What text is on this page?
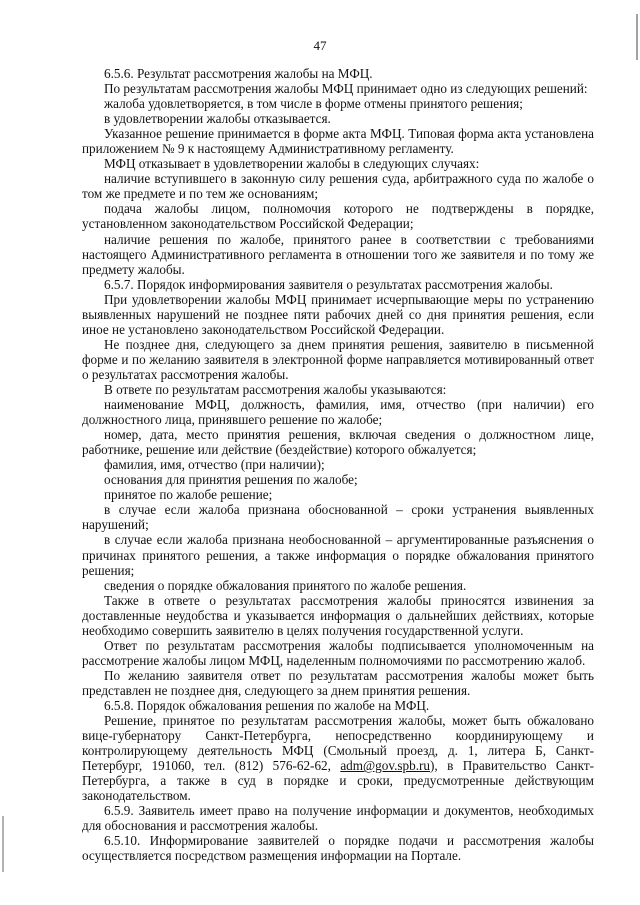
47

6.5.6. Результат рассмотрения жалобы на МФЦ.

По результатам рассмотрения жалобы МФЦ принимает одно из следующих решений:

жалоба удовлетворяется, в том числе в форме отмены принятого решения;

в удовлетворении жалобы отказывается.

Указанное решение принимается в форме акта МФЦ. Типовая форма акта установлена приложением № 9 к настоящему Административному регламенту.

МФЦ отказывает в удовлетворении жалобы в следующих случаях:

наличие вступившего в законную силу решения суда, арбитражного суда по жалобе о том же предмете и по тем же основаниям;

подача жалобы лицом, полномочия которого не подтверждены в порядке, установленном законодательством Российской Федерации;

наличие решения по жалобе, принятого ранее в соответствии с требованиями настоящего Административного регламента в отношении того же заявителя и по тому же предмету жалобы.

6.5.7. Порядок информирования заявителя о результатах рассмотрения жалобы.

При удовлетворении жалобы МФЦ принимает исчерпывающие меры по устранению выявленных нарушений не позднее пяти рабочих дней со дня принятия решения, если иное не установлено законодательством Российской Федерации.

Не позднее дня, следующего за днем принятия решения, заявителю в письменной форме и по желанию заявителя в электронной форме направляется мотивированный ответ о результатах рассмотрения жалобы.

В ответе по результатам рассмотрения жалобы указываются:

наименование МФЦ, должность, фамилия, имя, отчество (при наличии) его должностного лица, принявшего решение по жалобе;

номер, дата, место принятия решения, включая сведения о должностном лице, работнике, решение или действие (бездействие) которого обжалуется;

фамилия, имя, отчество (при наличии);

основания для принятия решения по жалобе;

принятое по жалобе решение;

в случае если жалоба признана обоснованной – сроки устранения выявленных нарушений;

в случае если жалоба признана необоснованной – аргументированные разъяснения о причинах принятого решения, а также информация о порядке обжалования принятого решения;

сведения о порядке обжалования принятого по жалобе решения.

Также в ответе о результатах рассмотрения жалобы приносятся извинения за доставленные неудобства и указывается информация о дальнейших действиях, которые необходимо совершить заявителю в целях получения государственной услуги.

Ответ по результатам рассмотрения жалобы подписывается уполномоченным на рассмотрение жалобы лицом МФЦ, наделенным полномочиями по рассмотрению жалоб.

По желанию заявителя ответ по результатам рассмотрения жалобы может быть представлен не позднее дня, следующего за днем принятия решения.

6.5.8. Порядок обжалования решения по жалобе на МФЦ.

Решение, принятое по результатам рассмотрения жалобы, может быть обжаловано вице-губернатору Санкт-Петербурга, непосредственно координирующему и контролирующему деятельность МФЦ (Смольный проезд, д. 1, литера Б, Санкт-Петербург, 191060, тел. (812) 576-62-62, adm@gov.spb.ru), в Правительство Санкт-Петербурга, а также в суд в порядке и сроки, предусмотренные действующим законодательством.

6.5.9. Заявитель имеет право на получение информации и документов, необходимых для обоснования и рассмотрения жалобы.

6.5.10. Информирование заявителей о порядке подачи и рассмотрения жалобы осуществляется посредством размещения информации на Портале.
